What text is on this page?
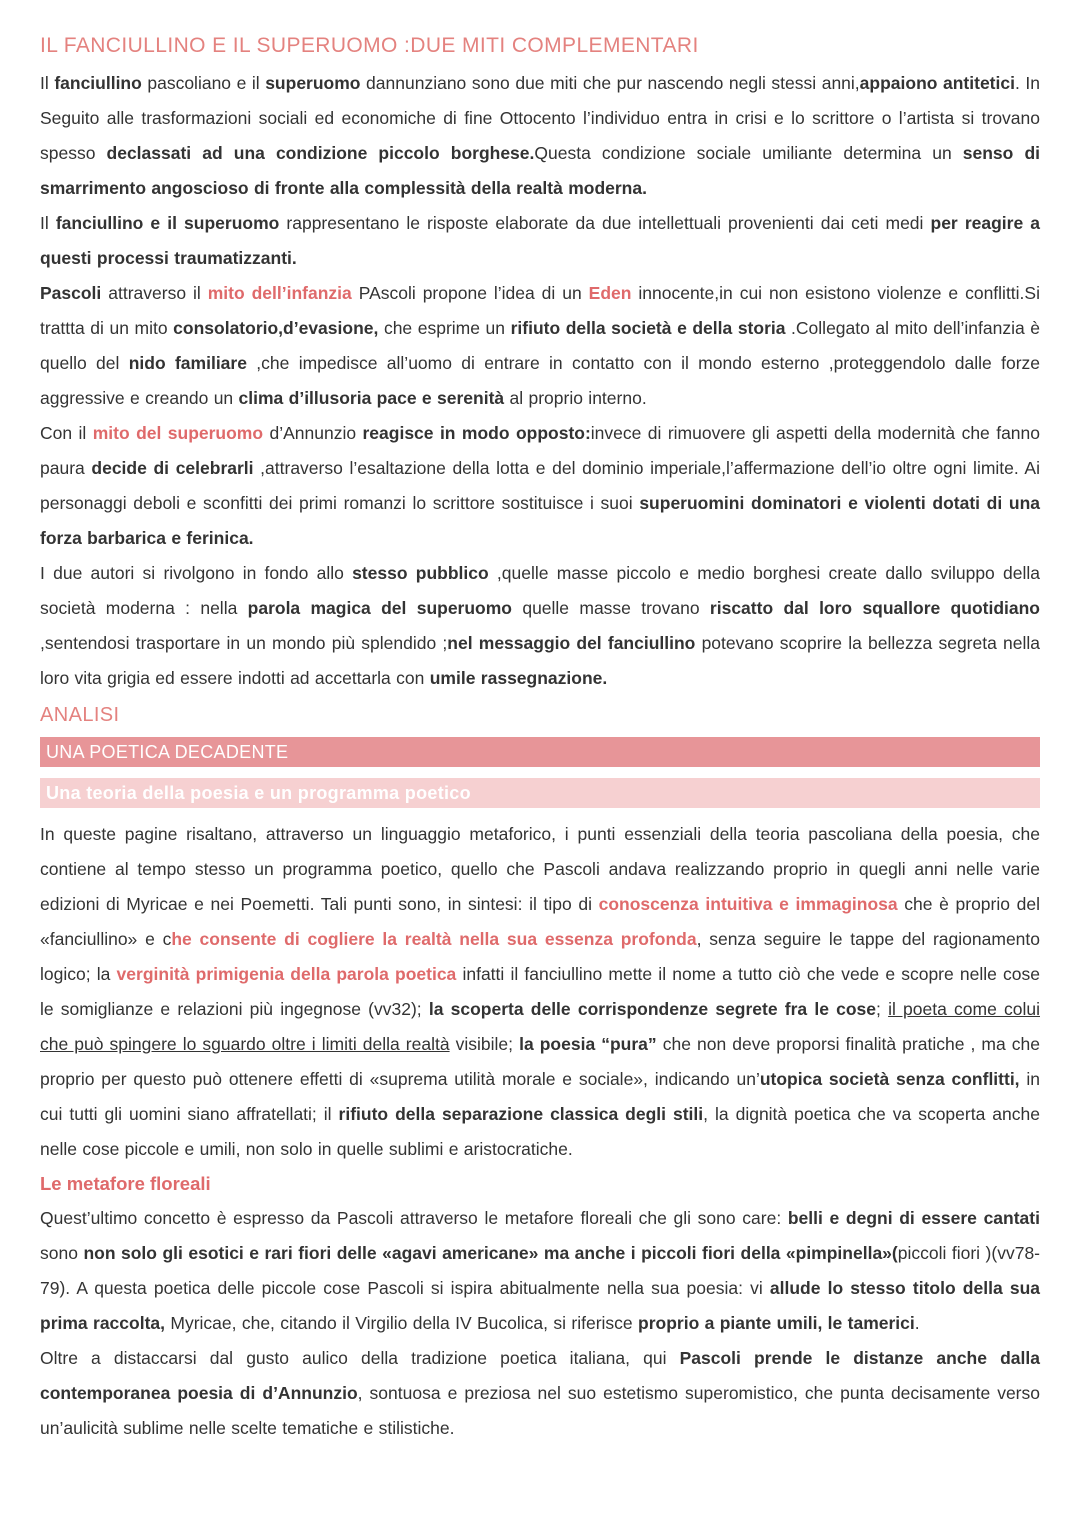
IL FANCIULLINO E IL SUPERUOMO :DUE MITI COMPLEMENTARI

Il fanciullino pascoliano e il superuomo dannunziano sono due miti che pur nascendo negli stessi anni,appaiono antitetici. In Seguito alle trasformazioni sociali ed economiche di fine Ottocento l’individuo entra in crisi e lo scrittore o l’artista si trovano spesso declassati ad una condizione piccolo borghese.Questa condizione sociale umiliante determina un senso di smarrimento angoscioso di fronte alla complessità della realtà moderna.

Il fanciullino e il superuomo rappresentano le risposte elaborate da due intellettuali provenienti dai ceti medi per reagire a questi processi traumatizzanti.

Pascoli attraverso il mito dell’infanzia PAscoli propone l’idea di un Eden innocente,in cui non esistono violenze e conflitti.Si trattta di un mito consolatorio,d’evasione, che esprime un rifiuto della società e della storia .Collegato al mito dell’infanzia è quello del nido familiare ,che impedisce all’uomo di entrare in contatto con il mondo esterno ,proteggendolo dalle forze aggressive e creando un clima d’illusoria pace e serenità al proprio interno.

Con il mito del superuomo d’Annunzio reagisce in modo opposto:invece di rimuovere gli aspetti della modernità che fanno paura decide di celebrarli ,attraverso l’esaltazione della lotta e del dominio imperiale,l’affermazione dell’io oltre ogni limite. Ai personaggi deboli e sconfitti dei primi romanzi lo scrittore sostituisce i suoi superuomini dominatori e violenti dotati di una forza barbarica e ferinica.

I due autori si rivolgono in fondo allo stesso pubblico ,quelle masse piccolo e medio borghesi create dallo sviluppo della società moderna : nella parola magica del superuomo quelle masse trovano riscatto dal loro squallore quotidiano ,sentendosi trasportare in un mondo più splendido ;nel messaggio del fanciullino potevano scoprire la bellezza segreta nella loro vita grigia ed essere indotti ad accettarla con umile rassegnazione.

ANALISI
UNA POETICA DECADENTE
Una teoria della poesia e un programma poetico

In queste pagine risaltano, attraverso un linguaggio metaforico, i punti essenziali della teoria pascoliana della poesia, che contiene al tempo stesso un programma poetico, quello che Pascoli andava realizzando proprio in quegli anni nelle varie edizioni di Myricae e nei Poemetti. Tali punti sono, in sintesi: il tipo di conoscenza intuitiva e immaginosa che è proprio del «fanciullino» e che consente di cogliere la realtà nella sua essenza profonda, senza seguire le tappe del ragionamento logico; la verginità primigenia della parola poetica infatti il fanciullino mette il nome a tutto ciò che vede e scopre nelle cose le somiglianze e relazioni più ingegnose (vv32); la scoperta delle corrispondenze segrete fra le cose; il poeta come colui che può spingere lo sguardo oltre i limiti della realtà visibile; la poesia “pura” che non deve proporsi finalità pratiche , ma che proprio per questo può ottenere effetti di «suprema utilità morale e sociale», indicando un’utopica società senza conflitti, in cui tutti gli uomini siano affratellati; il rifiuto della separazione classica degli stili, la dignità poetica che va scoperta anche nelle cose piccole e umili, non solo in quelle sublimi e aristocratiche.

Le metafore floreali

Quest’ultimo concetto è espresso da Pascoli attraverso le metafore floreali che gli sono care: belli e degni di essere cantati sono non solo gli esotici e rari fiori delle «agavi americane» ma anche i piccoli fiori della «pimpinella»(piccoli fiori )(vv78-79). A questa poetica delle piccole cose Pascoli si ispira abitualmente nella sua poesia: vi allude lo stesso titolo della sua prima raccolta, Myricae, che, citando il Virgilio della IV Bucolica, si riferisce proprio a piante umili, le tamerici.

Oltre a distaccarsi dal gusto aulico della tradizione poetica italiana, qui Pascoli prende le distanze anche dalla contemporanea poesia di d’Annunzio, sontuosa e preziosa nel suo estetismo superomistico, che punta decisamente verso un’aulicità sublime nelle scelte tematiche e stilistiche.
